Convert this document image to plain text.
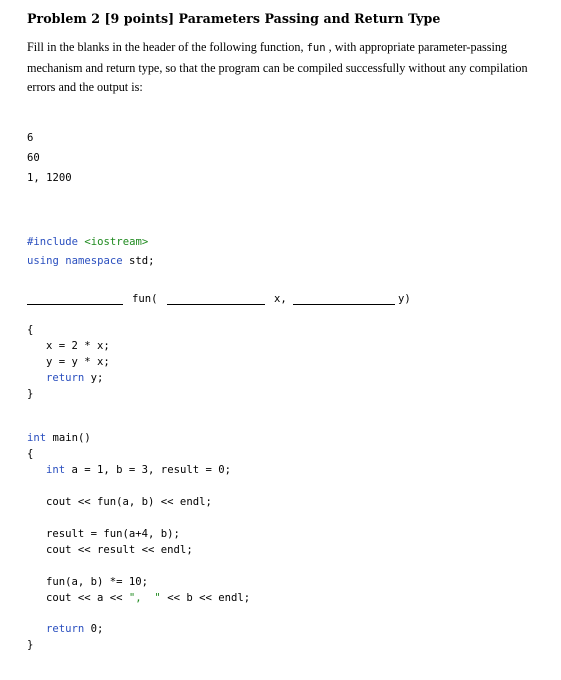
Problem 2 [9 points] Parameters Passing and Return Type
Fill in the blanks in the header of the following function, fun , with appropriate parameter-passing mechanism and return type, so that the program can be compiled successfully without any compilation errors and the output is:
6
60
1, 1200
#include <iostream>
using namespace std;
fun(	x,	y)
{
x = 2 * x;
y = y * x;
return y;
}
int main()
{
int a = 1, b = 3, result = 0;
cout << fun(a, b) << endl;
result = fun(a+4, b);
cout << result << endl;
fun(a, b) *= 10;
cout << a << ",  " << b << endl;
return 0;
}
